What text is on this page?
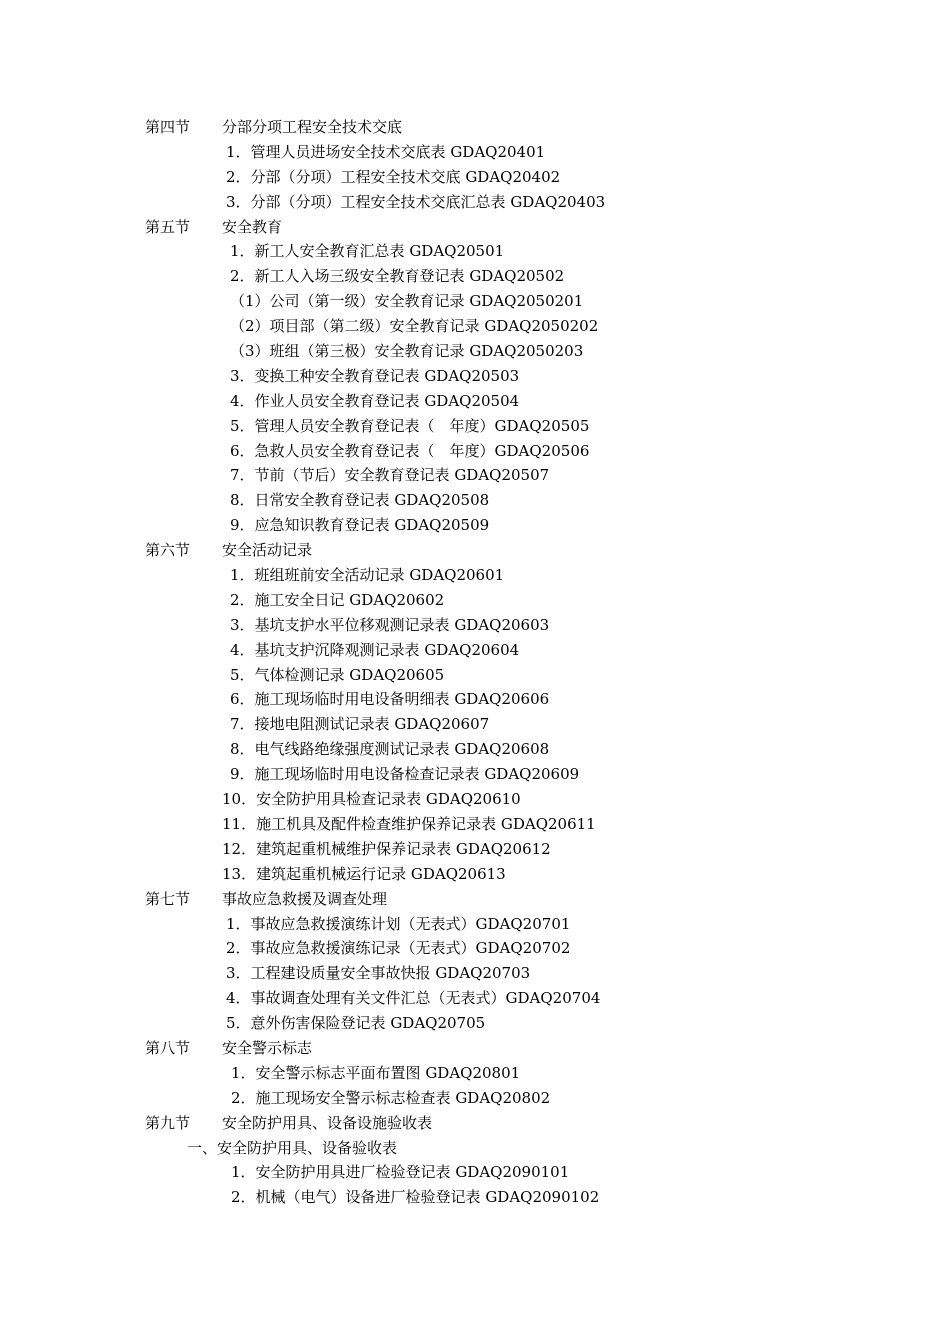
第四节 分部分项工程安全技术交底
1．管理人员进场安全技术交底表 GDAQ20401
2．分部（分项）工程安全技术交底 GDAQ20402
3．分部（分项）工程安全技术交底汇总表 GDAQ20403
第五节 安全教育
1．新工人安全教育汇总表 GDAQ20501
2．新工人入场三级安全教育登记表 GDAQ20502
（1）公司（第一级）安全教育记录 GDAQ2050201
（2）项目部（第二级）安全教育记录 GDAQ2050202
（3）班组（第三极）安全教育记录 GDAQ2050203
3．变换工种安全教育登记表 GDAQ20503
4．作业人员安全教育登记表 GDAQ20504
5．管理人员安全教育登记表（　年度）GDAQ20505
6．急救人员安全教育登记表（　年度）GDAQ20506
7．节前（节后）安全教育登记表 GDAQ20507
8．日常安全教育登记表 GDAQ20508
9．应急知识教育登记表 GDAQ20509
第六节 安全活动记录
1．班组班前安全活动记录 GDAQ20601
2．施工安全日记 GDAQ20602
3．基坑支护水平位移观测记录表 GDAQ20603
4．基坑支护沉降观测记录表 GDAQ20604
5．气体检测记录 GDAQ20605
6．施工现场临时用电设备明细表 GDAQ20606
7．接地电阻测试记录表 GDAQ20607
8．电气线路绝缘强度测试记录表 GDAQ20608
9．施工现场临时用电设备检查记录表 GDAQ20609
10．安全防护用具检查记录表 GDAQ20610
11．施工机具及配件检查维护保养记录表 GDAQ20611
12．建筑起重机械维护保养记录表 GDAQ20612
13．建筑起重机械运行记录 GDAQ20613
第七节 事故应急救援及调查处理
1．事故应急救援演练计划（无表式）GDAQ20701
2．事故应急救援演练记录（无表式）GDAQ20702
3．工程建设质量安全事故快报 GDAQ20703
4．事故调查处理有关文件汇总（无表式）GDAQ20704
5．意外伤害保险登记表 GDAQ20705
第八节 安全警示标志
1．安全警示标志平面布置图 GDAQ20801
2．施工现场安全警示标志检查表 GDAQ20802
第九节 安全防护用具、设备设施验收表
一、安全防护用具、设备验收表
1．安全防护用具进厂检验登记表 GDAQ2090101
2．机械（电气）设备进厂检验登记表 GDAQ2090102
